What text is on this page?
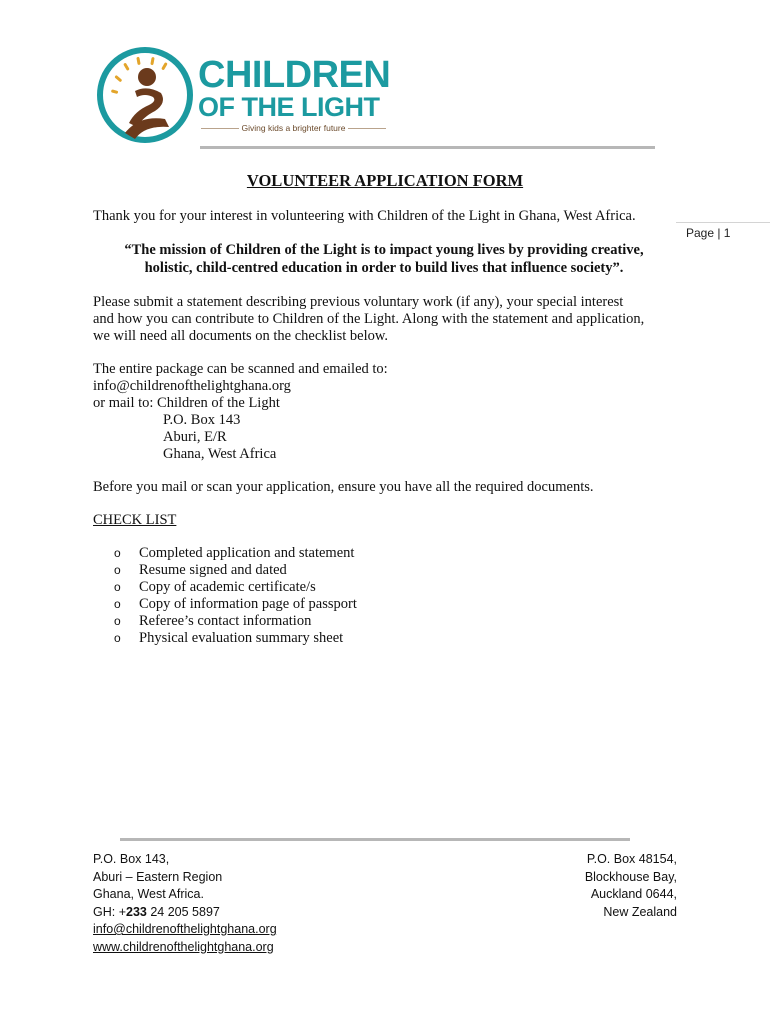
CHILDREN
OF THE LIGHT
Giving kids a brighter future
VOLUNTEER APPLICATION FORM
Thank you for your interest in volunteering with Children of the Light in Ghana, West Africa.
Page | 1
“The mission of Children of the Light is to impact young lives by providing creative,
holistic, child-centred education in order to build lives that influence society”.
Please submit a statement describing previous voluntary work (if any), your special interest
and how you can contribute to Children of the Light. Along with the statement and application,
we will need all documents on the checklist below.
The entire package can be scanned and emailed to:
info@childrenofthelightghana.org
or mail to: Children of the Light
P.O. Box 143
Aburi, E/R
Ghana, West Africa
Before you mail or scan your application, ensure you have all the required documents.
CHECK LIST
o	Completed application and statement
o	Resume signed and dated
o	Copy of academic certificate/s
o	Copy of information page of passport
o	Referee’s contact information
o	Physical evaluation summary sheet
P.O. Box 143,
Aburi – Eastern Region
Ghana, West Africa.
GH: +233 24 205 5897
info@childrenofthelightghana.org
www.childrenofthelightghana.org
P.O. Box 48154,
Blockhouse Bay,
Auckland 0644,
New Zealand
